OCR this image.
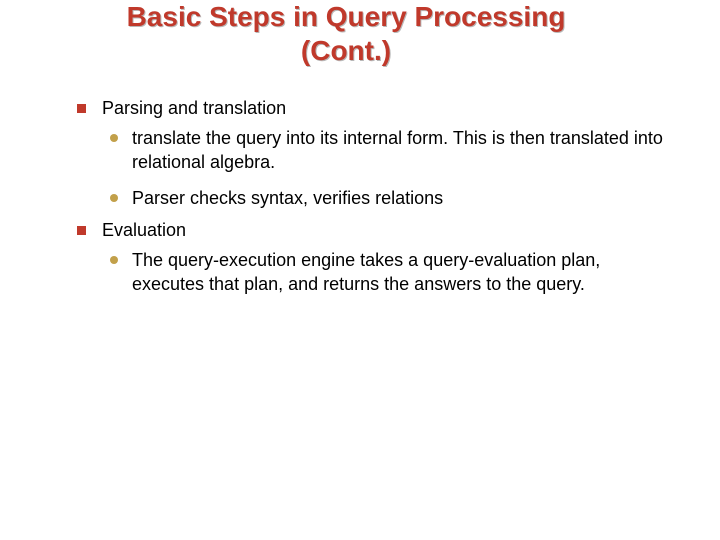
Basic Steps in Query Processing
(Cont.)
Parsing and translation
translate the query into its internal form. This is then translated into relational algebra.
Parser checks syntax, verifies relations
Evaluation
The query-execution engine takes a query-evaluation plan, executes that plan, and returns the answers to the query.
